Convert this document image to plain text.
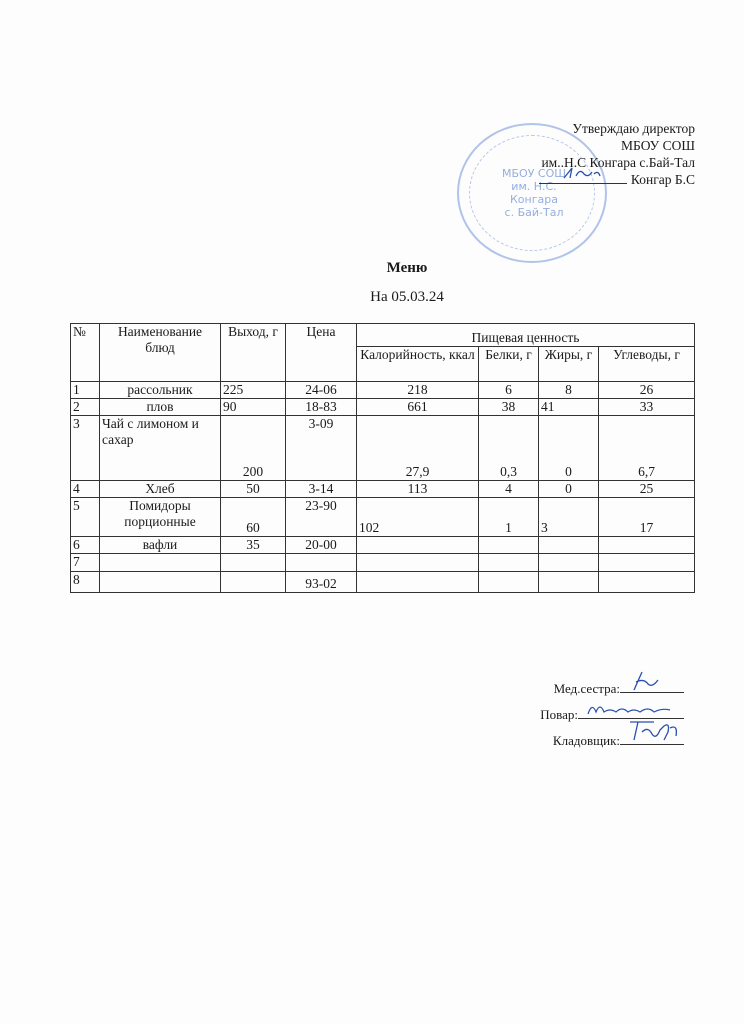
МБОУ СОШ
им. Н.С. Конгара
с. Бай-Тал
Утверждаю директор
МБОУ СОШ
им..Н.С Конгара с.Бай-Тал
Конгар Б.С
Меню
На 05.03.24
№	Наименование блюд	Выход, г	Цена	Пищевая ценность			
				Калорийность, ккал	Белки, г	Жиры, г	Углеводы, г
1	рассольник	225	24-06	218	6	8	26
2	плов	90	18-83	661	38	41	33
3	Чай с лимоном и сахар	200	3-09	27,9	0,3	0	6,7
4	Хлеб	50	3-14	113	4	0	25
5	Помидоры порционные	60	23-90	102	1	3	17
6	вафли	35	20-00				
7							
8			93-02				
Мед.сестра:
Повар:
Кладовщик:
